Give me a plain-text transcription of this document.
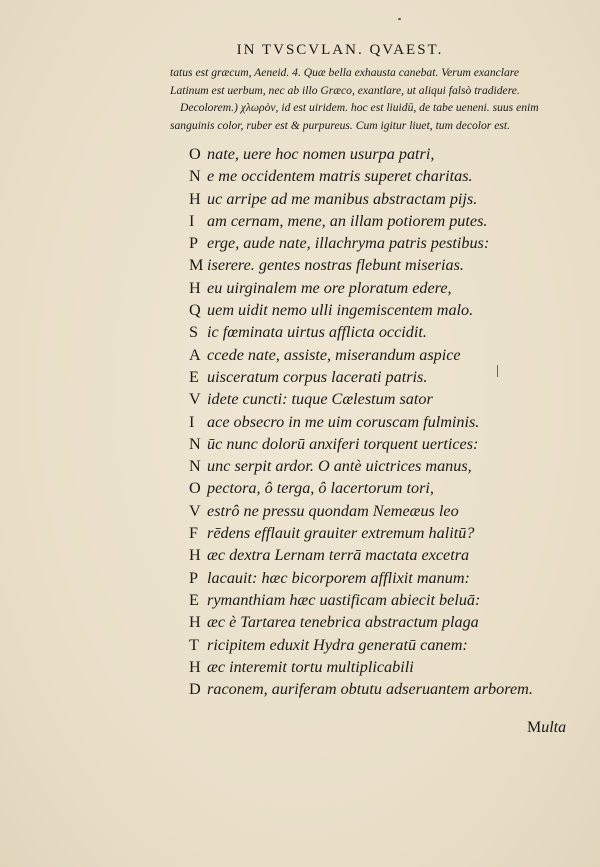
IN TVSCVLAN. QVAEST.
tatus est græcum, Aeneid. 4. Quæ bella exhausta canebat. Verum exanclare
Latinum est uerbum, nec ab illo Græco, exantlare, ut aliqui falsò tradidere.
Decolorem.) χλωρὸν, id est uiridem. hoc est liuidū, de tabe ueneni. suus enim
sanguinis color, ruber est & purpureus. Cum igitur liuet, tum decolor est.
O nate, uere hoc nomen usurpa patri,
N e me occidentem matris superet charitas.
H uc arripe ad me manibus abstractam pijs.
I am cernam, mene, an illam potiorem putes.
P erge, aude nate, illachryma patris pestibus:
M iserere. gentes nostras flebunt miserias.
H eu uirginalem me ore ploratum edere,
Q uem uidit nemo ulli ingemiscentem malo.
S ic fœminata uirtus afflicta occidit.
A ccede nate, assiste, miserandum aspice
E uisceratum corpus lacerati patris.
V idete cuncti: tuque Cælestum sator
I ace obsecro in me uim coruscam fulminis.
N ūc nunc dolorū anxiferi torquent uertices:
N unc serpit ardor. O antè uictrices manus,
O pectora, ô terga, ô lacertorum tori,
V estrô ne pressu quondam Nemeæus leo
F rēdens efflauit grauiter extremum halitū?
H æc dextra Lernam terrā mactata excetra
P lacauit: hæc bicorporem afflixit manum:
E rymanthiam hæc uastificam abiecit beluā:
H æc è Tartarea tenebrica abstractum plaga
T ricipitem eduxit Hydra generatū canem:
H æc interemit tortu multiplicabili
D raconem, auriferam obtutu adseruantem arborem.
Multa
